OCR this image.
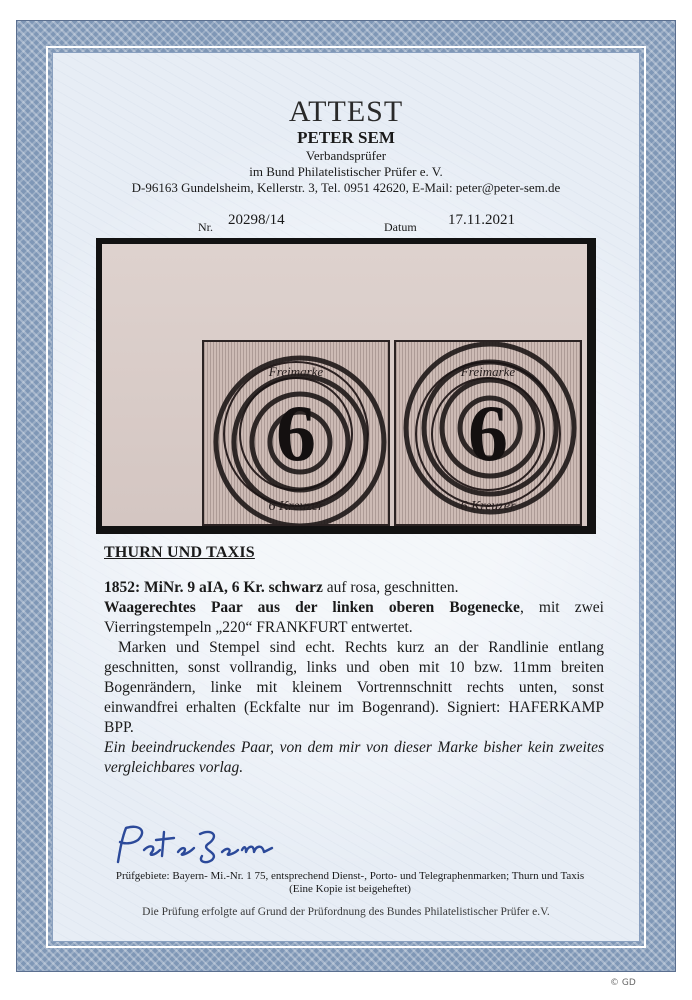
ATTEST
PETER SEM
Verbandsprüfer
im Bund Philatelistischer Prüfer e. V.
D-96163 Gundelsheim, Kellerstr. 3, Tel. 0951 42620, E-Mail: peter@peter-sem.de
Nr. 20298/14	Datum 17.11.2021
6
Freimarke
6 Kreuzer
6
Freimarke
6 Kreuzer
THURN UND TAXIS

1852: MiNr. 9 aIA, 6 Kr. schwarz auf rosa, geschnitten.

Waagerechtes Paar aus der linken oberen Bogenecke, mit zwei Vierringstempeln „220“ FRANKFURT entwertet.

Marken und Stempel sind echt. Rechts kurz an der Randlinie entlang geschnitten, sonst vollrandig, links und oben mit 10 bzw. 11mm breiten Bogenrändern, linke mit kleinem Vortrennschnitt rechts unten, sonst einwandfrei erhalten (Eckfalte nur im Bogenrand). Signiert: HAFERKAMP BPP.

Ein beeindruckendes Paar, von dem mir von dieser Marke bisher kein zweites vergleichbares vorlag.

Prüfgebiete: Bayern- Mi.-Nr. 1 75, entsprechend Dienst-, Porto- und Telegraphenmarken; Thurn und Taxis
(Eine Kopie ist beigeheftet)
Die Prüfung erfolgte auf Grund der Prüfordnung des Bundes Philatelistischer Prüfer e.V.
© GD
